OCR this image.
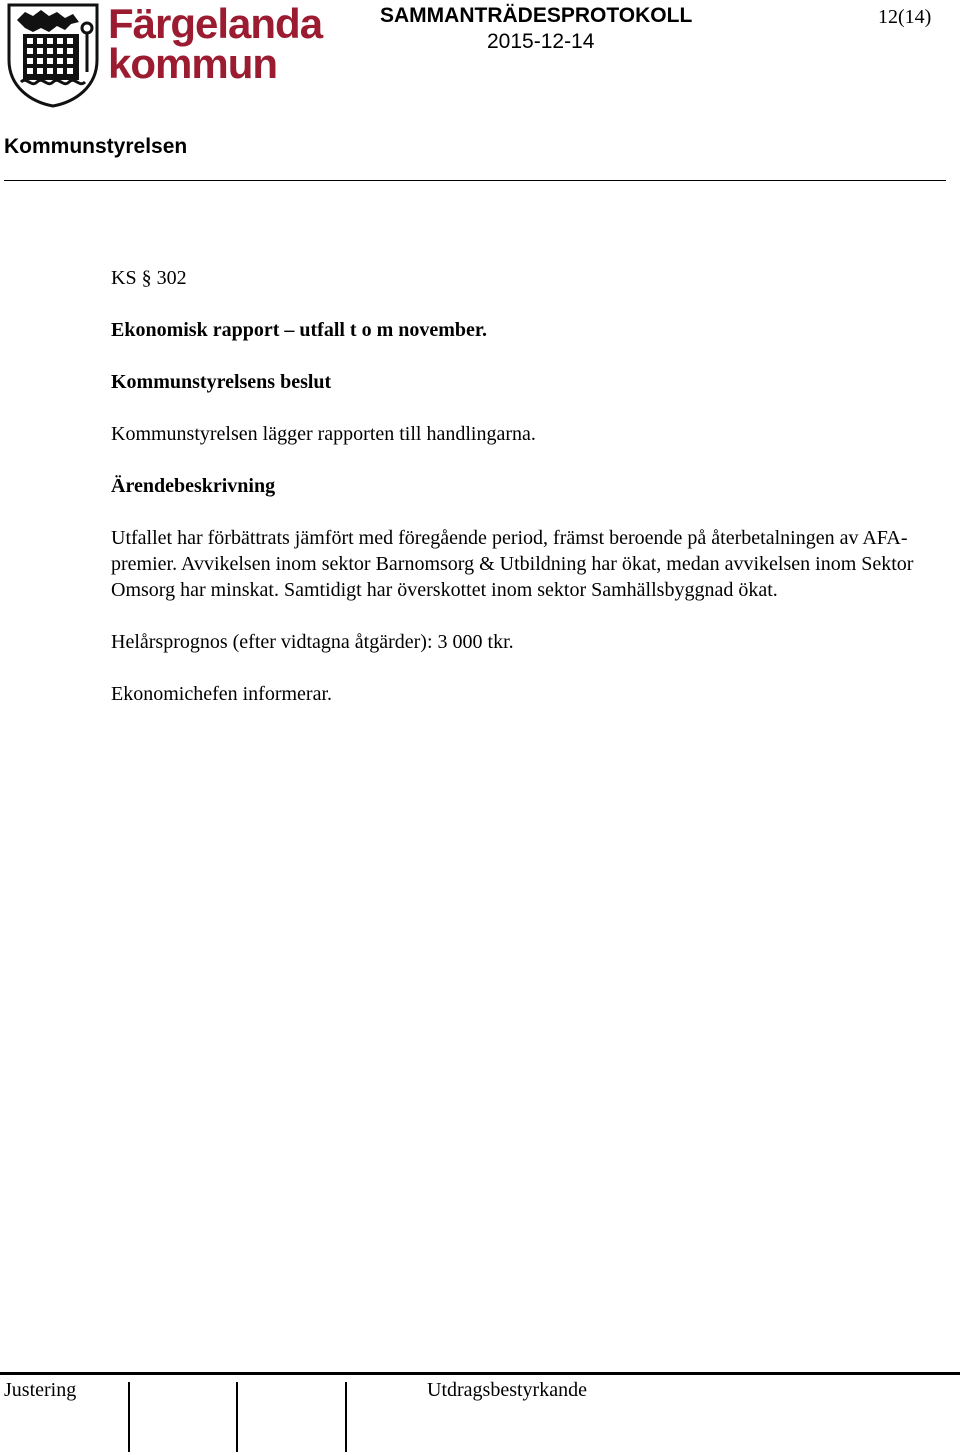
Färgelanda
kommun
SAMMANTRÄDESPROTOKOLL
2015-12-14
12(14)
Kommunstyrelsen

KS § 302

Ekonomisk rapport – utfall t o m november.

Kommunstyrelsens beslut

Kommunstyrelsen lägger rapporten till handlingarna.

Ärendebeskrivning

Utfallet har förbättrats jämfört med föregående period, främst beroende på återbetalningen av AFA-premier. Avvikelsen inom sektor Barnomsorg & Utbildning har ökat, medan avvikelsen inom Sektor Omsorg har minskat. Samtidigt har överskottet inom sektor Samhällsbyggnad ökat.

Helårsprognos (efter vidtagna åtgärder): 3 000 tkr.

Ekonomichefen informerar.

Justering	Utdragsbestyrkande
